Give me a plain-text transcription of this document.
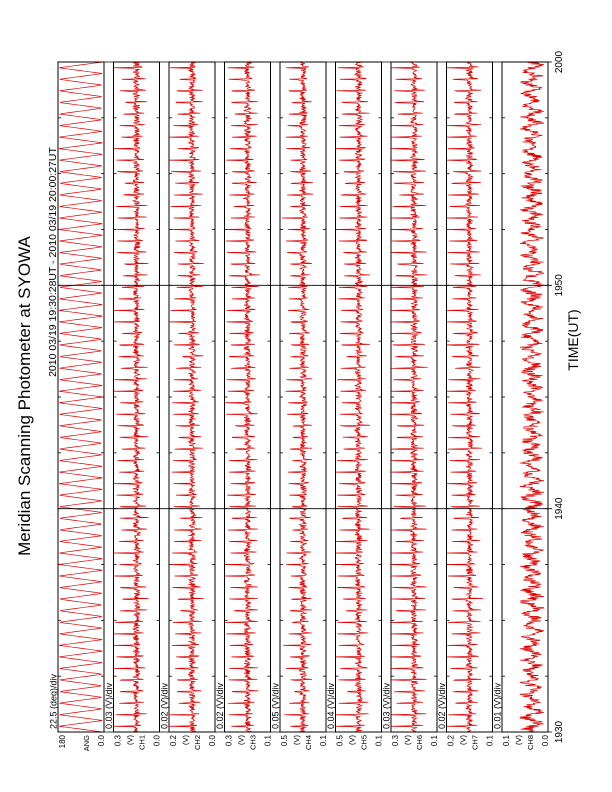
Meridian Scanning Photometer at SYOWA 2010 03/19 19:30:28UT - 2010 03/19 20:00:27UT	TIME(UT)
180	0.0
ANG
22.5 (deg)/div
0.3	0.0
(V) CH1
0.03 (V)/div
0.2	0.0
(V) CH2
0.02 (V)/div
0.3	0.1
(V) CH3
0.02 (V)/div
0.5	0.1
(V) CH4
0.05 (V)/div
0.5	0.1
(V) CH5
0.04 (V)/div
0.3	0.1
(V) CH6
0.03 (V)/div
0.2	0.1
(V) CH7
0.02 (V)/div
0.1	0.0
(V) CH8
0.01 (V)/div
1930
1940
1950
2000
